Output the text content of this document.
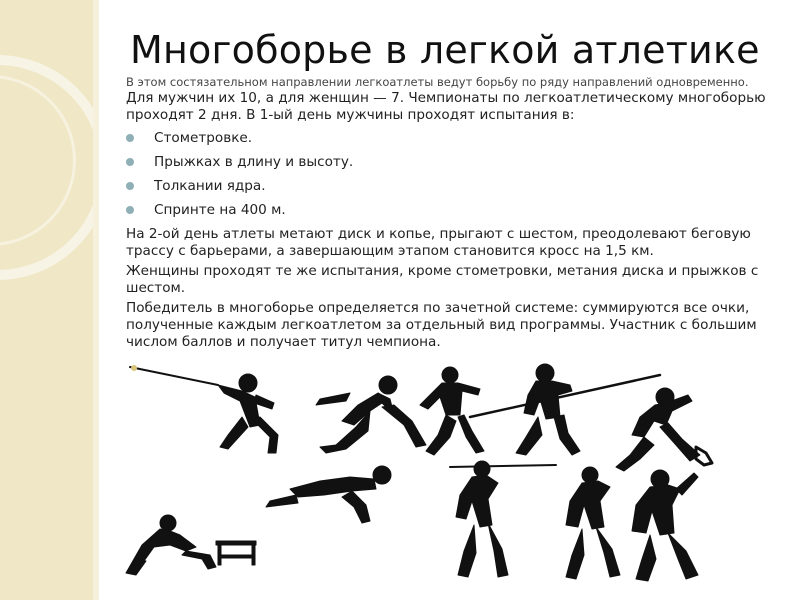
Многоборье в легкой атлетике

В этом состязательном направлении легкоатлеты ведут борьбу по ряду направлений одновременно.

Для мужчин их 10, а для женщин — 7. Чемпионаты по легкоатлетическому многоборью проходят 2 дня. В 1-ый день мужчины проходят испытания в:

Стометровке.
Прыжках в длину и высоту.
Толкании ядра.
Спринте на 400 м.

На 2-ой день атлеты метают диск и копье, прыгают с шестом, преодолевают беговую трассу с барьерами, а завершающим этапом становится кросс на 1,5 км.

Женщины проходят те же испытания, кроме стометровки, метания диска и прыжков с шестом.

Победитель в многоборье определяется по зачетной системе: суммируются все очки, полученные каждым легкоатлетом за отдельный вид программы. Участник с большим числом баллов и получает титул чемпиона.
